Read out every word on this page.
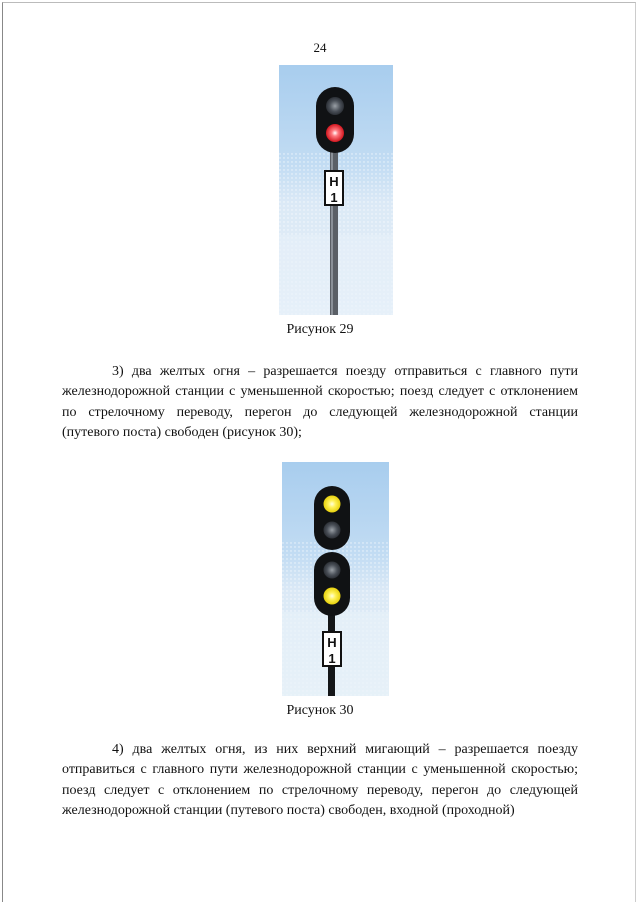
24
Н
1
Рисунок 29

3) два желтых огня – разрешается поезду отправиться с главного пути железнодорожной станции с уменьшенной скоростью; поезд следует с отклонением по стрелочному переводу, перегон до следующей железнодорожной станции (путевого поста) свободен (рисунок 30);

Н
1
Рисунок 30

4) два желтых огня, из них верхний мигающий – разрешается поезду отправиться с главного пути железнодорожной станции с уменьшенной скоростью; поезд следует с отклонением по стрелочному переводу, перегон до следующей железнодорожной станции (путевого поста) свободен, входной (проходной)
